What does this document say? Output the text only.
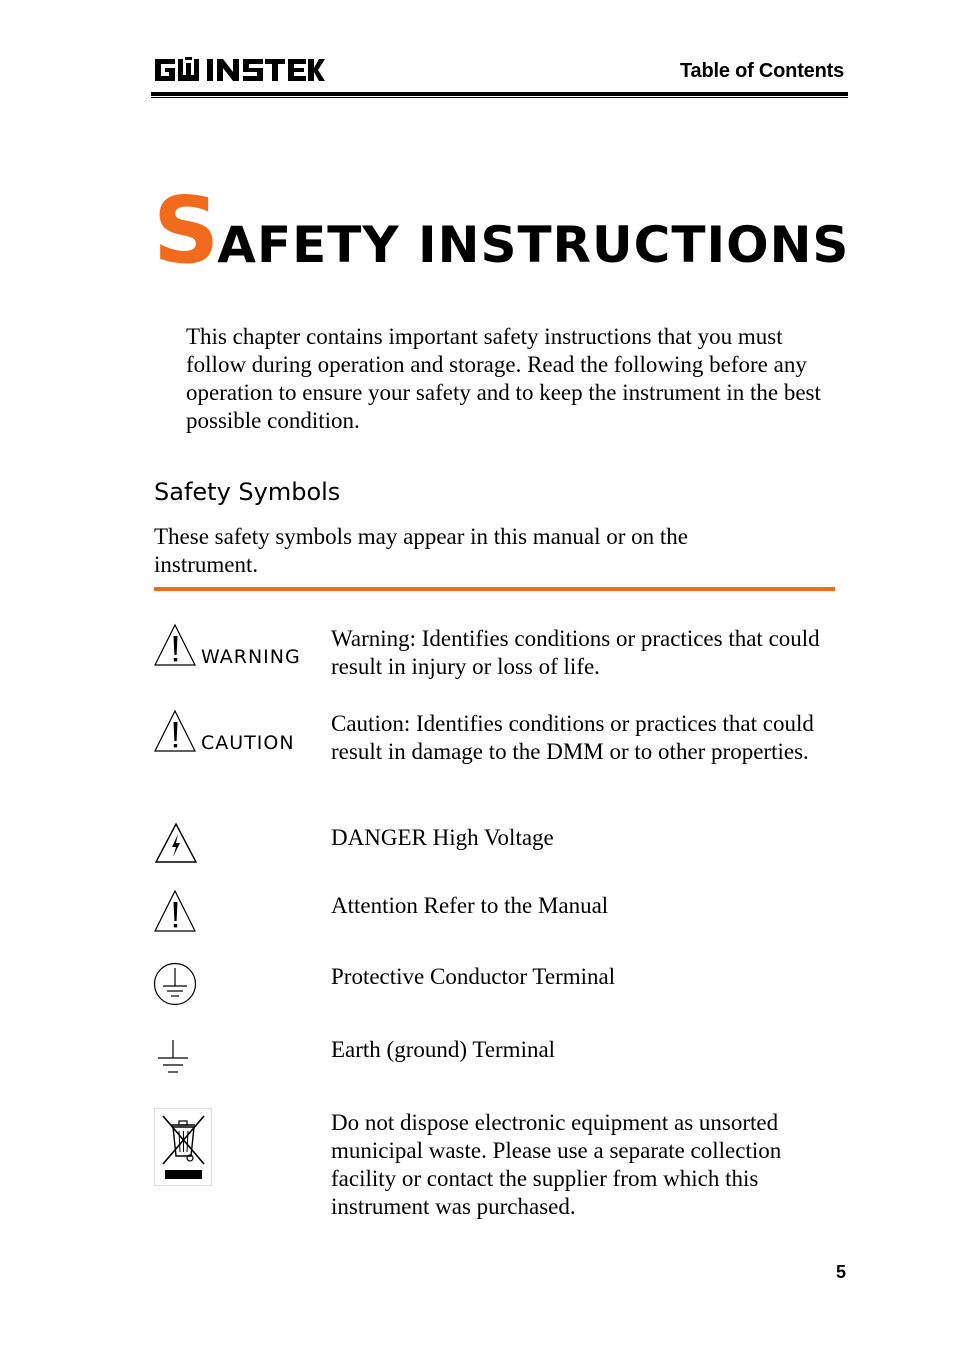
Table of Contents
SAFETY INSTRUCTIONS
This chapter contains important safety instructions that you must follow during operation and storage. Read the following before any operation to ensure your safety and to keep the instrument in the best possible condition.
Safety Symbols
These safety symbols may appear in this manual or on the instrument.
WARNING
Warning: Identifies conditions or practices that could result in injury or loss of life.
CAUTION
Caution: Identifies conditions or practices that could result in damage to the DMM or to other properties.
DANGER High Voltage
Attention Refer to the Manual
Protective Conductor Terminal
Earth (ground) Terminal
Do not dispose electronic equipment as unsorted municipal waste. Please use a separate collection facility or contact the supplier from which this instrument was purchased.
5
